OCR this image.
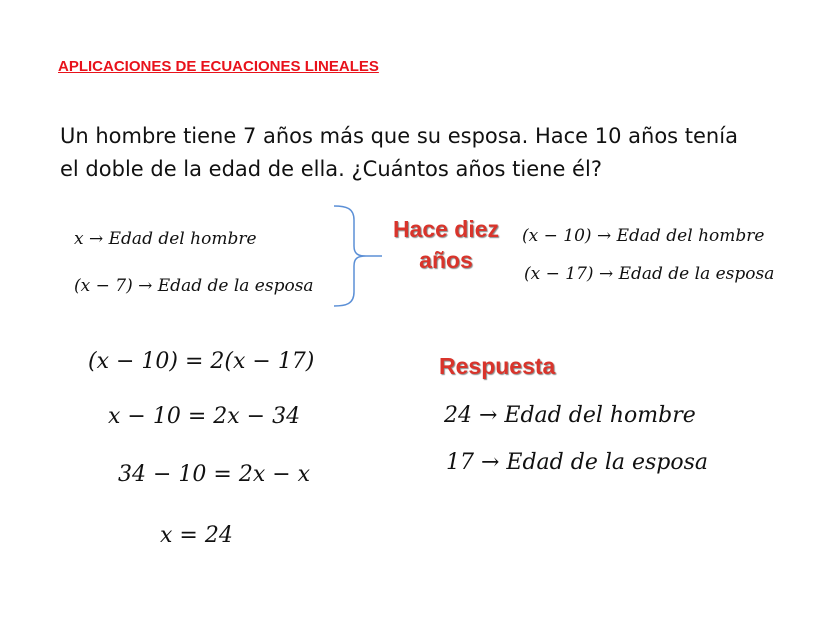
APLICACIONES DE ECUACIONES LINEALES
Un hombre tiene 7 años más que su esposa. Hace 10 años tenía
el doble de la edad de ella. ¿Cuántos años tiene él?
x → Edad del hombre
(x − 7) → Edad de la esposa
Hace diez
años
(x − 10) → Edad del hombre
(x − 17) → Edad de la esposa
(x − 10) = 2(x − 17)
x − 10 = 2x − 34
34 − 10 = 2x − x
x = 24
Respuesta
24 → Edad del hombre
17 → Edad de la esposa
